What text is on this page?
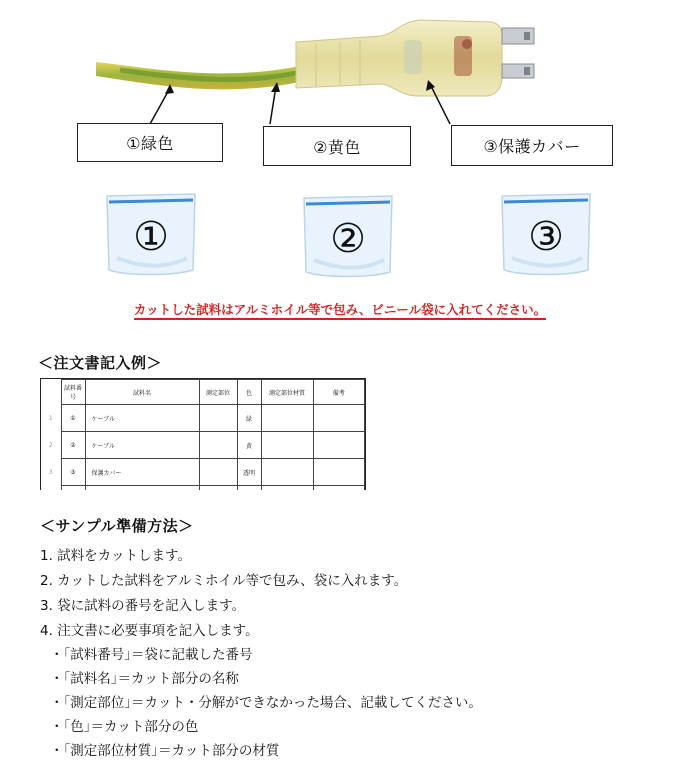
①緑色	②黄色	③保護カバー
①	②	③
カットした試料はアルミホイル等で包み、ビニール袋に入れてください。
＜注文書記入例＞
	試料番号	試料名	測定部位	色	測定部位材質	備考
1	①	ケーブル		緑		
2	②	ケーブル		黄		
3	③	保護カバー		透明		

＜サンプル準備方法＞
1. 試料をカットします。
2. カットした試料をアルミホイル等で包み、袋に入れます。
3. 袋に試料の番号を記入します。
4. 注文書に必要事項を記入します。
・｢試料番号｣＝袋に記載した番号
・｢試料名｣＝カット部分の名称
・｢測定部位｣＝カット・分解ができなかった場合、記載してください。
・｢色｣＝カット部分の色
・｢測定部位材質｣＝カット部分の材質
